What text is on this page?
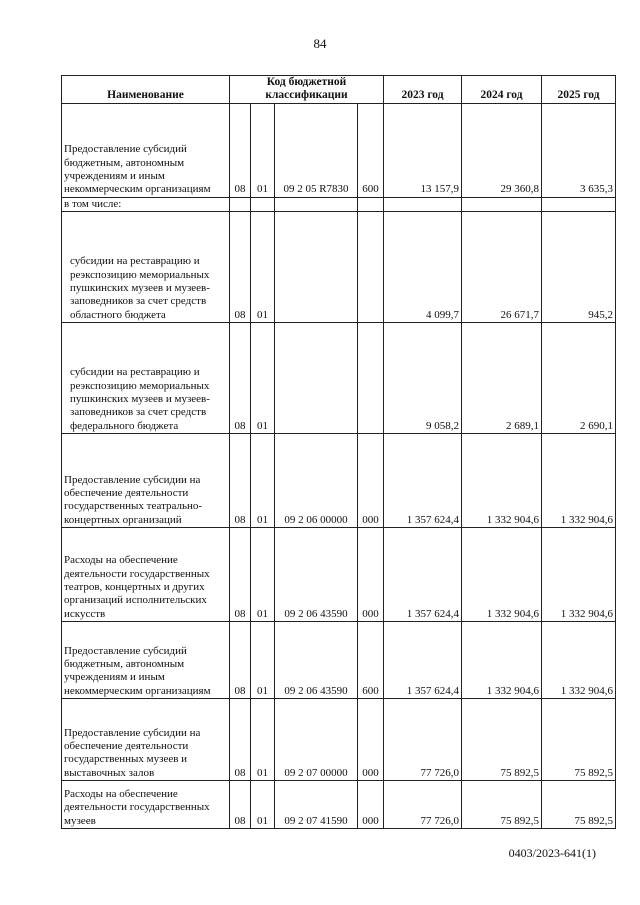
84
Наименование	Код бюджетной классификации				2023 год	2024 год	2025 год

Предоставление субсидий бюджетным, автономным учреждениям и иным некоммерческим организациям	08	01	09 2 05 R7830	600	13 157,9	29 360,8	3 635,3

в том числе:							

субсидии на реставрацию и реэкспозицию мемориальных пушкинских музеев и музеев-заповедников за счет средств областного бюджета	08	01			4 099,7	26 671,7	945,2

субсидии на реставрацию и реэкспозицию мемориальных пушкинских музеев и музеев-заповедников за счет средств федерального бюджета	08	01			9 058,2	2 689,1	2 690,1

Предоставление субсидии на обеспечение деятельности государственных театрально-концертных организаций	08	01	09 2 06 00000	000	1 357 624,4	1 332 904,6	1 332 904,6

Расходы на обеспечение деятельности государственных театров, концертных и других организаций исполнительских искусств	08	01	09 2 06 43590	000	1 357 624,4	1 332 904,6	1 332 904,6

Предоставление субсидий бюджетным, автономным учреждениям и иным некоммерческим организациям	08	01	09 2 06 43590	600	1 357 624,4	1 332 904,6	1 332 904,6

Предоставление субсидии на обеспечение деятельности государственных музеев и выставочных залов	08	01	09 2 07 00000	000	77 726,0	75 892,5	75 892,5

Расходы на обеспечение деятельности государственных музеев	08	01	09 2 07 41590	000	77 726,0	75 892,5	75 892,5
0403/2023-641(1)
